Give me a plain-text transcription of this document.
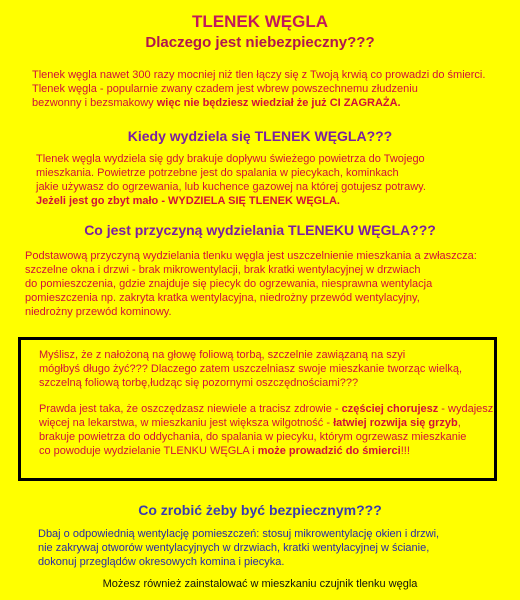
TLENEK WĘGLA
Dlaczego jest niebezpieczny???
Tlenek węgla nawet 300 razy mocniej niż tlen łączy się z Twoją krwią co prowadzi do śmierci.
Tlenek węgla - popularnie zwany czadem jest wbrew powszechnemu złudzeniu
bezwonny i bezsmakowy więc nie będziesz wiedział że już CI ZAGRAŻA.
Kiedy wydziela się TLENEK WĘGLA???
Tlenek węgla wydziela się gdy brakuje dopływu świeżego powietrza do Twojego
mieszkania. Powietrze potrzebne jest do spalania w piecykach, kominkach
jakie używasz do ogrzewania, lub kuchence gazowej na której gotujesz potrawy.
Jeżeli jest go zbyt mało - WYDZIELA SIĘ TLENEK WĘGLA.
Co jest przyczyną wydzielania TLENEKU WĘGLA???
Podstawową przyczyną wydzielania tlenku węgla jest uszczelnienie mieszkania a zwłaszcza:
szczelne okna i drzwi - brak mikrowentylacji, brak kratki wentylacyjnej w drzwiach
do pomieszczenia, gdzie znajduje się piecyk do ogrzewania, niesprawna wentylacja
pomieszczenia np. zakryta kratka wentylacyjna, niedrożny przewód wentylacyjny,
niedrożny przewód kominowy.

Myślisz, że z nałożoną na głowę foliową torbą, szczelnie zawiązaną na szyi

mógłbyś długo żyć??? Dlaczego zatem uszczelniasz swoje mieszkanie tworząc wielką,

szczelną foliową torbę,łudząc się pozornymi oszczędnościami???

Prawda jest taka, że oszczędzasz niewiele a tracisz zdrowie - częściej chorujesz - wydajesz

więcej na lekarstwa, w mieszkaniu jest większa wilgotność - łatwiej rozwija się grzyb,

brakuje powietrza do oddychania, do spalania w piecyku, którym ogrzewasz mieszkanie

co powoduje wydzielanie TLENKU WĘGLA i może prowadzić do śmierci!!!

Co zrobić żeby być bezpiecznym???
Dbaj o odpowiednią wentylację pomieszczeń: stosuj mikrowentylację okien i drzwi,
nie zakrywaj otworów wentylacyjnych w drzwiach, kratki wentylacyjnej w ścianie,
dokonuj przeglądów okresowych komina i piecyka.
Możesz również zainstalować w mieszkaniu czujnik tlenku węgla
